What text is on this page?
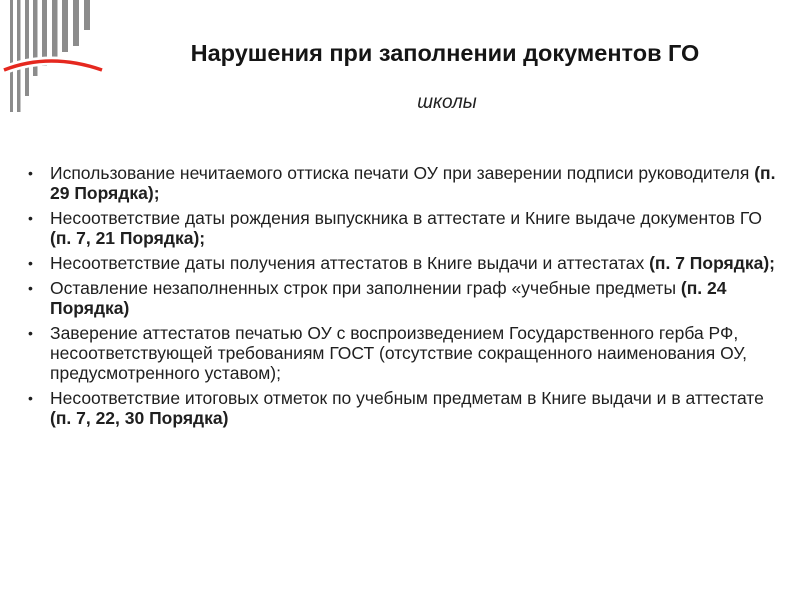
Нарушения при заполнении документов ГО
школы
• Использование нечитаемого оттиска печати ОУ при заверении подписи руководителя (п. 29 Порядка);
• Несоответствие даты рождения выпускника в аттестате и Книге выдаче документов ГО (п. 7, 21 Порядка);
• Несоответствие даты получения аттестатов в Книге выдачи и аттестатах (п. 7 Порядка);
• Оставление незаполненных строк при заполнении граф «учебные предметы (п. 24 Порядка)
• Заверение аттестатов печатью ОУ с воспроизведением Государственного герба РФ, несоответствующей требованиям ГОСТ (отсутствие сокращенного наименования ОУ, предусмотренного уставом);
• Несоответствие итоговых отметок по учебным предметам в Книге выдачи и в аттестате (п. 7, 22, 30 Порядка)
